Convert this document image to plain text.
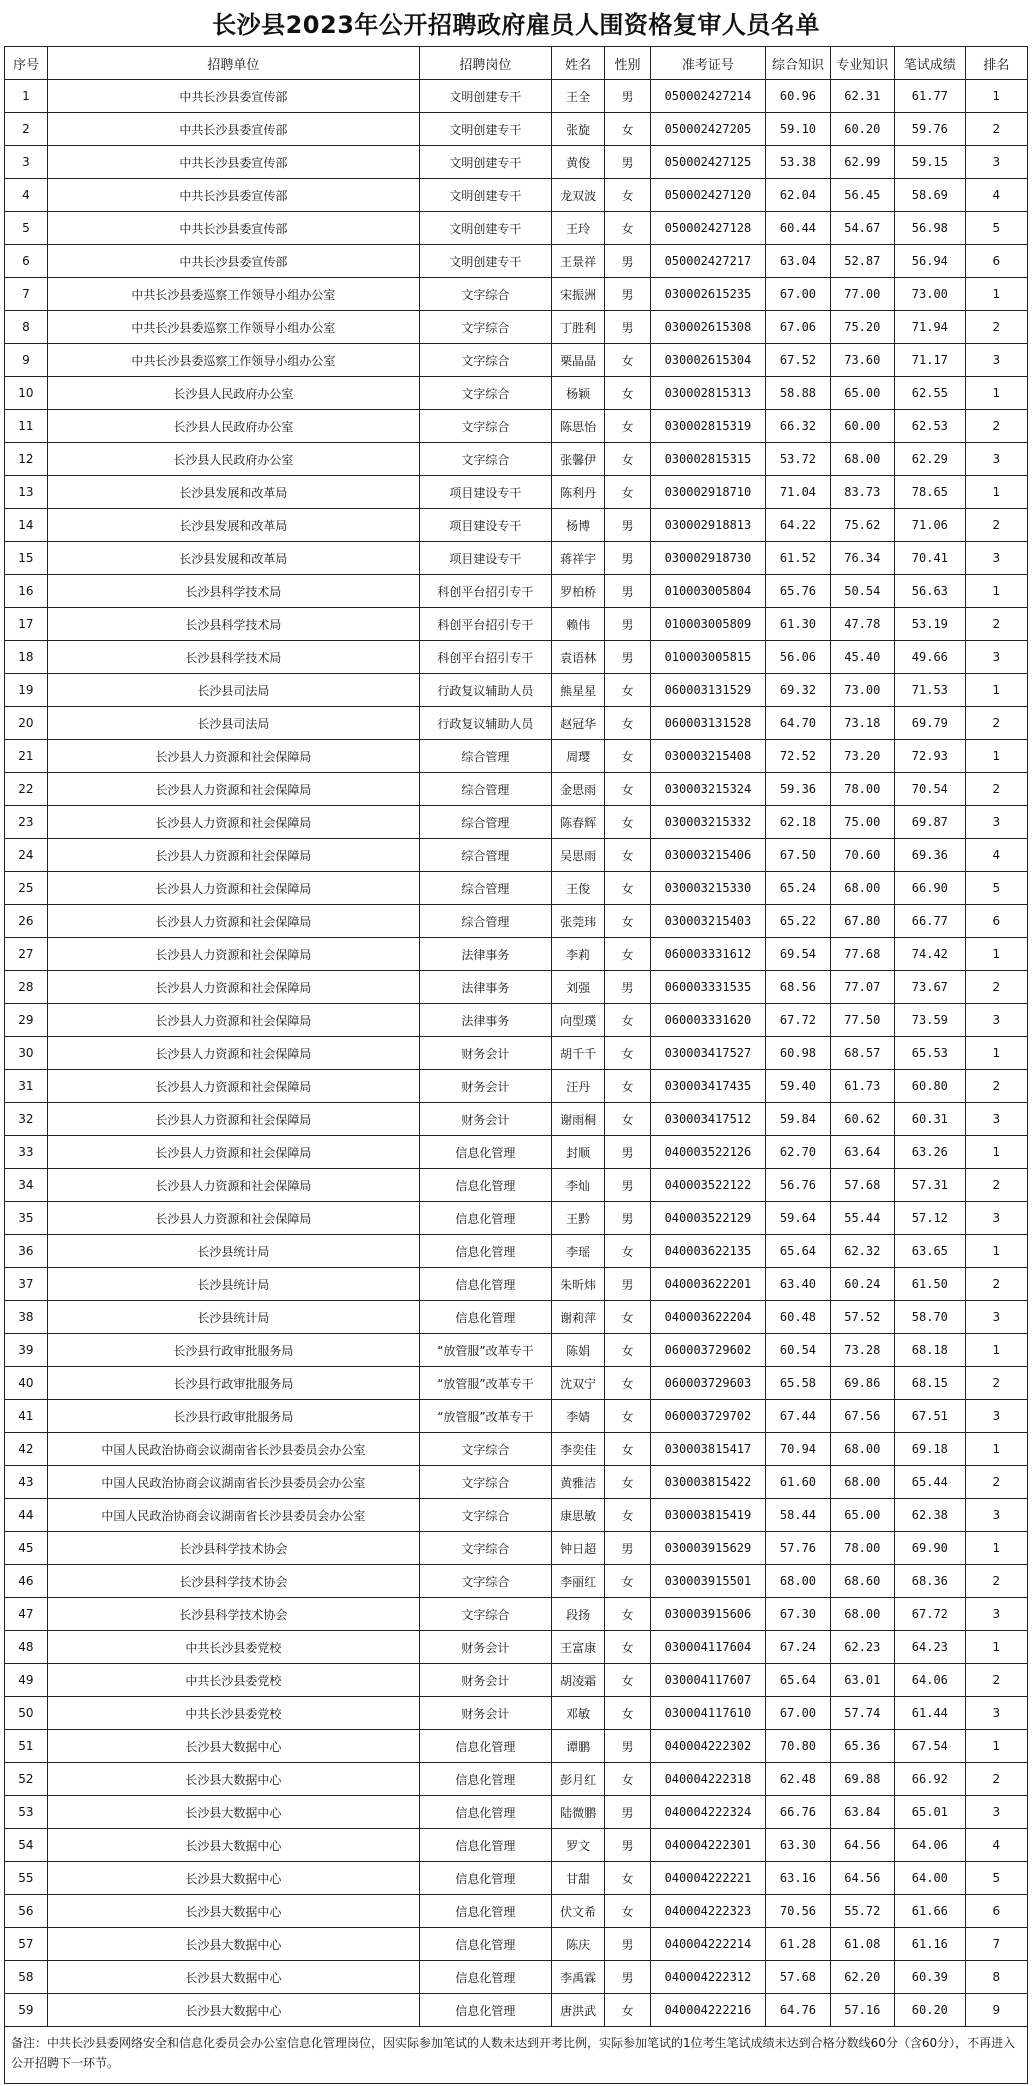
长沙县2023年公开招聘政府雇员人围资格复审人员名单
序号	招聘单位	招聘岗位	姓名	性别	准考证号	综合知识	专业知识	笔试成绩	排名
1	中共长沙县委宣传部	文明创建专干	王全	男	050002427214	60.96	62.31	61.77	1
2	中共长沙县委宣传部	文明创建专干	张旋	女	050002427205	59.10	60.20	59.76	2
3	中共长沙县委宣传部	文明创建专干	黄俊	男	050002427125	53.38	62.99	59.15	3
4	中共长沙县委宣传部	文明创建专干	龙双波	女	050002427120	62.04	56.45	58.69	4
5	中共长沙县委宣传部	文明创建专干	王玲	女	050002427128	60.44	54.67	56.98	5
6	中共长沙县委宣传部	文明创建专干	王景祥	男	050002427217	63.04	52.87	56.94	6
7	中共长沙县委巡察工作领导小组办公室	文字综合	宋振洲	男	030002615235	67.00	77.00	73.00	1
8	中共长沙县委巡察工作领导小组办公室	文字综合	丁胜利	男	030002615308	67.06	75.20	71.94	2
9	中共长沙县委巡察工作领导小组办公室	文字综合	栗晶晶	女	030002615304	67.52	73.60	71.17	3
10	长沙县人民政府办公室	文字综合	杨颖	女	030002815313	58.88	65.00	62.55	1
11	长沙县人民政府办公室	文字综合	陈思怡	女	030002815319	66.32	60.00	62.53	2
12	长沙县人民政府办公室	文字综合	张馨伊	女	030002815315	53.72	68.00	62.29	3
13	长沙县发展和改革局	项目建设专干	陈利丹	女	030002918710	71.04	83.73	78.65	1
14	长沙县发展和改革局	项目建设专干	杨博	男	030002918813	64.22	75.62	71.06	2
15	长沙县发展和改革局	项目建设专干	蒋祥宇	男	030002918730	61.52	76.34	70.41	3
16	长沙县科学技术局	科创平台招引专干	罗柏桥	男	010003005804	65.76	50.54	56.63	1
17	长沙县科学技术局	科创平台招引专干	赖伟	男	010003005809	61.30	47.78	53.19	2
18	长沙县科学技术局	科创平台招引专干	袁语林	男	010003005815	56.06	45.40	49.66	3
19	长沙县司法局	行政复议辅助人员	熊星星	女	060003131529	69.32	73.00	71.53	1
20	长沙县司法局	行政复议辅助人员	赵冠华	女	060003131528	64.70	73.18	69.79	2
21	长沙县人力资源和社会保障局	综合管理	周璎	女	030003215408	72.52	73.20	72.93	1
22	长沙县人力资源和社会保障局	综合管理	金思雨	女	030003215324	59.36	78.00	70.54	2
23	长沙县人力资源和社会保障局	综合管理	陈春辉	女	030003215332	62.18	75.00	69.87	3
24	长沙县人力资源和社会保障局	综合管理	吴思雨	女	030003215406	67.50	70.60	69.36	4
25	长沙县人力资源和社会保障局	综合管理	王俊	女	030003215330	65.24	68.00	66.90	5
26	长沙县人力资源和社会保障局	综合管理	张莞玮	女	030003215403	65.22	67.80	66.77	6
27	长沙县人力资源和社会保障局	法律事务	李莉	女	060003331612	69.54	77.68	74.42	1
28	长沙县人力资源和社会保障局	法律事务	刘强	男	060003331535	68.56	77.07	73.67	2
29	长沙县人力资源和社会保障局	法律事务	向型璞	女	060003331620	67.72	77.50	73.59	3
30	长沙县人力资源和社会保障局	财务会计	胡千千	女	030003417527	60.98	68.57	65.53	1
31	长沙县人力资源和社会保障局	财务会计	汪丹	女	030003417435	59.40	61.73	60.80	2
32	长沙县人力资源和社会保障局	财务会计	谢雨桐	女	030003417512	59.84	60.62	60.31	3
33	长沙县人力资源和社会保障局	信息化管理	封顺	男	040003522126	62.70	63.64	63.26	1
34	长沙县人力资源和社会保障局	信息化管理	李灿	男	040003522122	56.76	57.68	57.31	2
35	长沙县人力资源和社会保障局	信息化管理	王黔	男	040003522129	59.64	55.44	57.12	3
36	长沙县统计局	信息化管理	李瑶	女	040003622135	65.64	62.32	63.65	1
37	长沙县统计局	信息化管理	朱昕炜	男	040003622201	63.40	60.24	61.50	2
38	长沙县统计局	信息化管理	谢莉萍	女	040003622204	60.48	57.52	58.70	3
39	长沙县行政审批服务局	“放管服”改革专干	陈娟	女	060003729602	60.54	73.28	68.18	1
40	长沙县行政审批服务局	“放管服”改革专干	沈双宁	女	060003729603	65.58	69.86	68.15	2
41	长沙县行政审批服务局	“放管服”改革专干	李婧	女	060003729702	67.44	67.56	67.51	3
42	中国人民政治协商会议湖南省长沙县委员会办公室	文字综合	李奕佳	女	030003815417	70.94	68.00	69.18	1
43	中国人民政治协商会议湖南省长沙县委员会办公室	文字综合	黄雅洁	女	030003815422	61.60	68.00	65.44	2
44	中国人民政治协商会议湖南省长沙县委员会办公室	文字综合	康思敏	女	030003815419	58.44	65.00	62.38	3
45	长沙县科学技术协会	文字综合	钟日超	男	030003915629	57.76	78.00	69.90	1
46	长沙县科学技术协会	文字综合	李丽红	女	030003915501	68.00	68.60	68.36	2
47	长沙县科学技术协会	文字综合	段扬	女	030003915606	67.30	68.00	67.72	3
48	中共长沙县委党校	财务会计	王富康	女	030004117604	67.24	62.23	64.23	1
49	中共长沙县委党校	财务会计	胡凌霜	女	030004117607	65.64	63.01	64.06	2
50	中共长沙县委党校	财务会计	邓敏	女	030004117610	67.00	57.74	61.44	3
51	长沙县大数据中心	信息化管理	谭鹏	男	040004222302	70.80	65.36	67.54	1
52	长沙县大数据中心	信息化管理	彭月红	女	040004222318	62.48	69.88	66.92	2
53	长沙县大数据中心	信息化管理	陆微鹏	男	040004222324	66.76	63.84	65.01	3
54	长沙县大数据中心	信息化管理	罗文	男	040004222301	63.30	64.56	64.06	4
55	长沙县大数据中心	信息化管理	甘甜	女	040004222221	63.16	64.56	64.00	5
56	长沙县大数据中心	信息化管理	伏文希	女	040004222323	70.56	55.72	61.66	6
57	长沙县大数据中心	信息化管理	陈庆	男	040004222214	61.28	61.08	61.16	7
58	长沙县大数据中心	信息化管理	李禹霖	男	040004222312	57.68	62.20	60.39	8
59	长沙县大数据中心	信息化管理	唐洪武	女	040004222216	64.76	57.16	60.20	9
备注：中共长沙县委网络安全和信息化委员会办公室信息化管理岗位，因实际参加笔试的人数未达到开考比例，实际参加笔试的1位考生笔试成绩未达到合格分数线60分（含60分），不再进入公开招聘下一环节。
